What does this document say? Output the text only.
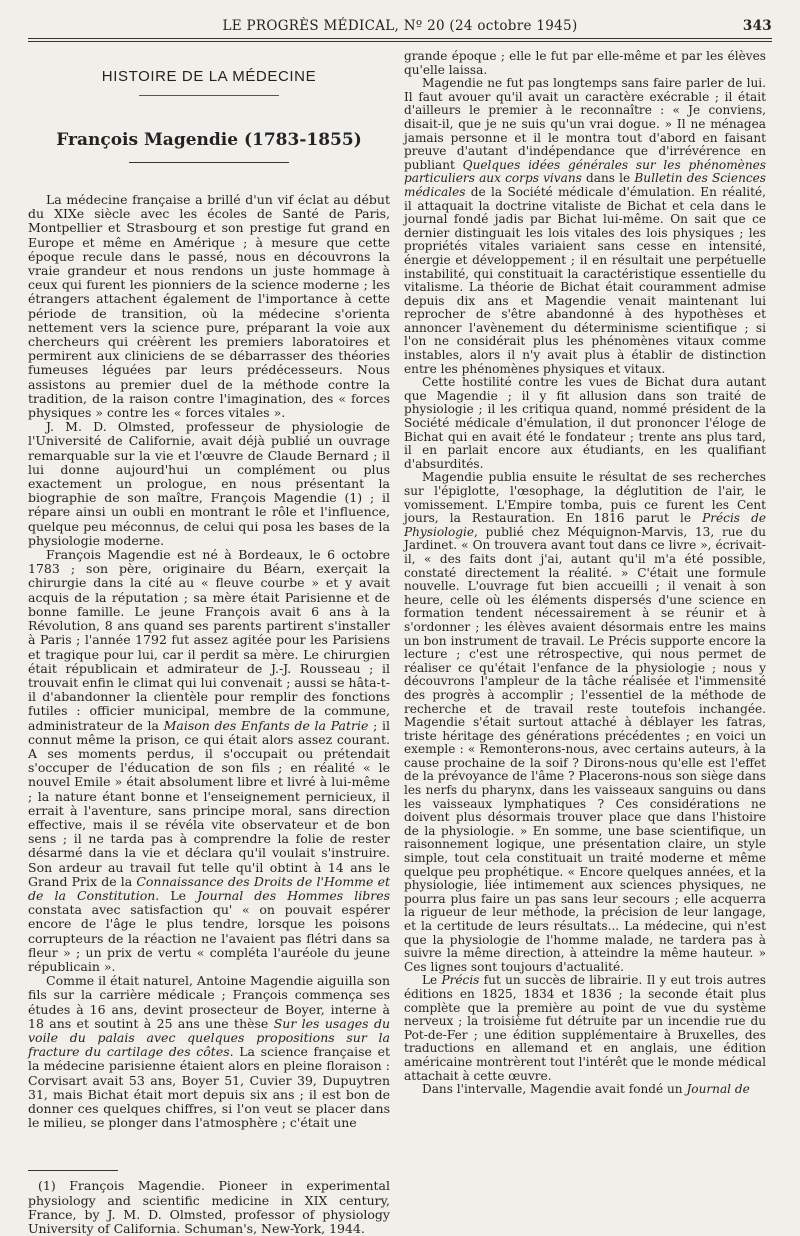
LE PROGRÈS MÉDICAL, Nº 20 (24 octobre 1945)	343
HISTOIRE DE LA MÉDECINE
François Magendie (1783-1855)

La médecine française a brillé d'un vif éclat au début du XIXe siècle avec les écoles de Santé de Paris, Montpellier et Strasbourg et son prestige fut grand en Europe et même en Amérique ; à mesure que cette époque recule dans le passé, nous en découvrons la vraie grandeur et nous rendons un juste hommage à ceux qui furent les pionniers de la science moderne ; les étrangers attachent également de l'importance à cette période de transition, où la médecine s'orienta nettement vers la science pure, préparant la voie aux chercheurs qui créèrent les premiers laboratoires et permirent aux cliniciens de se débarrasser des théories fumeuses léguées par leurs prédécesseurs. Nous assistons au premier duel de la méthode contre la tradition, de la raison contre l'imagination, des « forces physiques » contre les « forces vitales ».

J. M. D. Olmsted, professeur de physiologie de l'Université de Californie, avait déjà publié un ouvrage remarquable sur la vie et l'œuvre de Claude Bernard ; il lui donne aujourd'hui un complément ou plus exactement un prologue, en nous présentant la biographie de son maître, François Magendie (1) ; il répare ainsi un oubli en montrant le rôle et l'influence, quelque peu méconnus, de celui qui posa les bases de la physiologie moderne.

François Magendie est né à Bordeaux, le 6 octobre 1783 ; son père, originaire du Béarn, exerçait la chirurgie dans la cité au « fleuve courbe » et y avait acquis de la réputation ; sa mère était Parisienne et de bonne famille. Le jeune François avait 6 ans à la Révolution, 8 ans quand ses parents partirent s'installer à Paris ; l'année 1792 fut assez agitée pour les Parisiens et tragique pour lui, car il perdit sa mère. Le chirurgien était républicain et admirateur de J.-J. Rousseau ; il trouvait enfin le climat qui lui convenait ; aussi se hâta-t-il d'abandonner la clientèle pour remplir des fonctions futiles : officier municipal, membre de la commune, administrateur de la Maison des Enfants de la Patrie ; il connut même la prison, ce qui était alors assez courant. A ses moments perdus, il s'occupait ou prétendait s'occuper de l'éducation de son fils ; en réalité « le nouvel Emile » était absolument libre et livré à lui-même ; la nature étant bonne et l'enseignement pernicieux, il errait à l'aventure, sans principe moral, sans direction effective, mais il se révéla vite observateur et de bon sens ; il ne tarda pas à comprendre la folie de rester désarmé dans la vie et déclara qu'il voulait s'instruire. Son ardeur au travail fut telle qu'il obtint à 14 ans le Grand Prix de la Connaissance des Droits de l'Homme et de la Constitution. Le Journal des Hommes libres constata avec satisfaction qu' « on pouvait espérer encore de l'âge le plus tendre, lorsque les poisons corrupteurs de la réaction ne l'avaient pas flétri dans sa fleur » ; un prix de vertu « compléta l'auréole du jeune républicain ».

Comme il était naturel, Antoine Magendie aiguilla son fils sur la carrière médicale ; François commença ses études à 16 ans, devint prosecteur de Boyer, interne à 18 ans et soutint à 25 ans une thèse Sur les usages du voile du palais avec quelques propositions sur la fracture du cartilage des côtes. La science française et la médecine parisienne étaient alors en pleine floraison : Corvisart avait 53 ans, Boyer 51, Cuvier 39, Dupuytren 31, mais Bichat était mort depuis six ans ; il est bon de donner ces quelques chiffres, si l'on veut se placer dans le milieu, se plonger dans l'atmosphère ; c'était une

(1) François Magendie. Pioneer in experimental physiology and scientific medicine in XIX century, France, by J. M. D. Olmsted, professor of physiology University of California. Schuman's, New-York, 1944.

grande époque ; elle le fut par elle-même et par les élèves qu'elle laissa.

Magendie ne fut pas longtemps sans faire parler de lui. Il faut avouer qu'il avait un caractère exécrable ; il était d'ailleurs le premier à le reconnaître : « Je conviens, disait-il, que je ne suis qu'un vrai dogue. » Il ne ménagea jamais personne et il le montra tout d'abord en faisant preuve d'autant d'indépendance que d'irrévérence en publiant Quelques idées générales sur les phénomènes particuliers aux corps vivans dans le Bulletin des Sciences médicales de la Société médicale d'émulation. En réalité, il attaquait la doctrine vitaliste de Bichat et cela dans le journal fondé jadis par Bichat lui-même. On sait que ce dernier distinguait les lois vitales des lois physiques ; les propriétés vitales variaient sans cesse en intensité, énergie et développement ; il en résultait une perpétuelle instabilité, qui constituait la caractéristique essentielle du vitalisme. La théorie de Bichat était couramment admise depuis dix ans et Magendie venait maintenant lui reprocher de s'être abandonné à des hypothèses et annoncer l'avènement du déterminisme scientifique ; si l'on ne considérait plus les phénomènes vitaux comme instables, alors il n'y avait plus à établir de distinction entre les phénomènes physiques et vitaux.

Cette hostilité contre les vues de Bichat dura autant que Magendie ; il y fit allusion dans son traité de physiologie ; il les critiqua quand, nommé président de la Société médicale d'émulation, il dut prononcer l'éloge de Bichat qui en avait été le fondateur ; trente ans plus tard, il en parlait encore aux étudiants, en les qualifiant d'absurdités.

Magendie publia ensuite le résultat de ses recherches sur l'épiglotte, l'œsophage, la déglutition de l'air, le vomissement. L'Empire tomba, puis ce furent les Cent jours, la Restauration. En 1816 parut le Précis de Physiologie, publié chez Méquignon-Marvis, 13, rue du Jardinet. « On trouvera avant tout dans ce livre », écrivait-il, « des faits dont j'ai, autant qu'il m'a été possible, constaté directement la réalité. » C'était une formule nouvelle. L'ouvrage fut bien accueilli ; il venait à son heure, celle où les éléments dispersés d'une science en formation tendent nécessairement à se réunir et à s'ordonner ; les élèves avaient désormais entre les mains un bon instrument de travail. Le Précis supporte encore la lecture ; c'est une rétrospective, qui nous permet de réaliser ce qu'était l'enfance de la physiologie ; nous y découvrons l'ampleur de la tâche réalisée et l'immensité des progrès à accomplir ; l'essentiel de la méthode de recherche et de travail reste toutefois inchangée. Magendie s'était surtout attaché à déblayer les fatras, triste héritage des générations précédentes ; en voici un exemple : « Remonterons-nous, avec certains auteurs, à la cause prochaine de la soif ? Dirons-nous qu'elle est l'effet de la prévoyance de l'âme ? Placerons-nous son siège dans les nerfs du pharynx, dans les vaisseaux sanguins ou dans les vaisseaux lymphatiques ? Ces considérations ne doivent plus désormais trouver place que dans l'histoire de la physiologie. » En somme, une base scientifique, un raisonnement logique, une présentation claire, un style simple, tout cela constituait un traité moderne et même quelque peu prophétique. « Encore quelques années, et la physiologie, liée intimement aux sciences physiques, ne pourra plus faire un pas sans leur secours ; elle acquerra la rigueur de leur méthode, la précision de leur langage, et la certitude de leurs résultats... La médecine, qui n'est que la physiologie de l'homme malade, ne tardera pas à suivre la même direction, à atteindre la même hauteur. » Ces lignes sont toujours d'actualité.

Le Précis fut un succès de librairie. Il y eut trois autres éditions en 1825, 1834 et 1836 ; la seconde était plus complète que la première au point de vue du système nerveux ; la troisième fut détruite par un incendie rue du Pot-de-Fer ; une édition supplémentaire à Bruxelles, des traductions en allemand et en anglais, une édition américaine montrèrent tout l'intérêt que le monde médical attachait à cette œuvre.

Dans l'intervalle, Magendie avait fondé un Journal de
